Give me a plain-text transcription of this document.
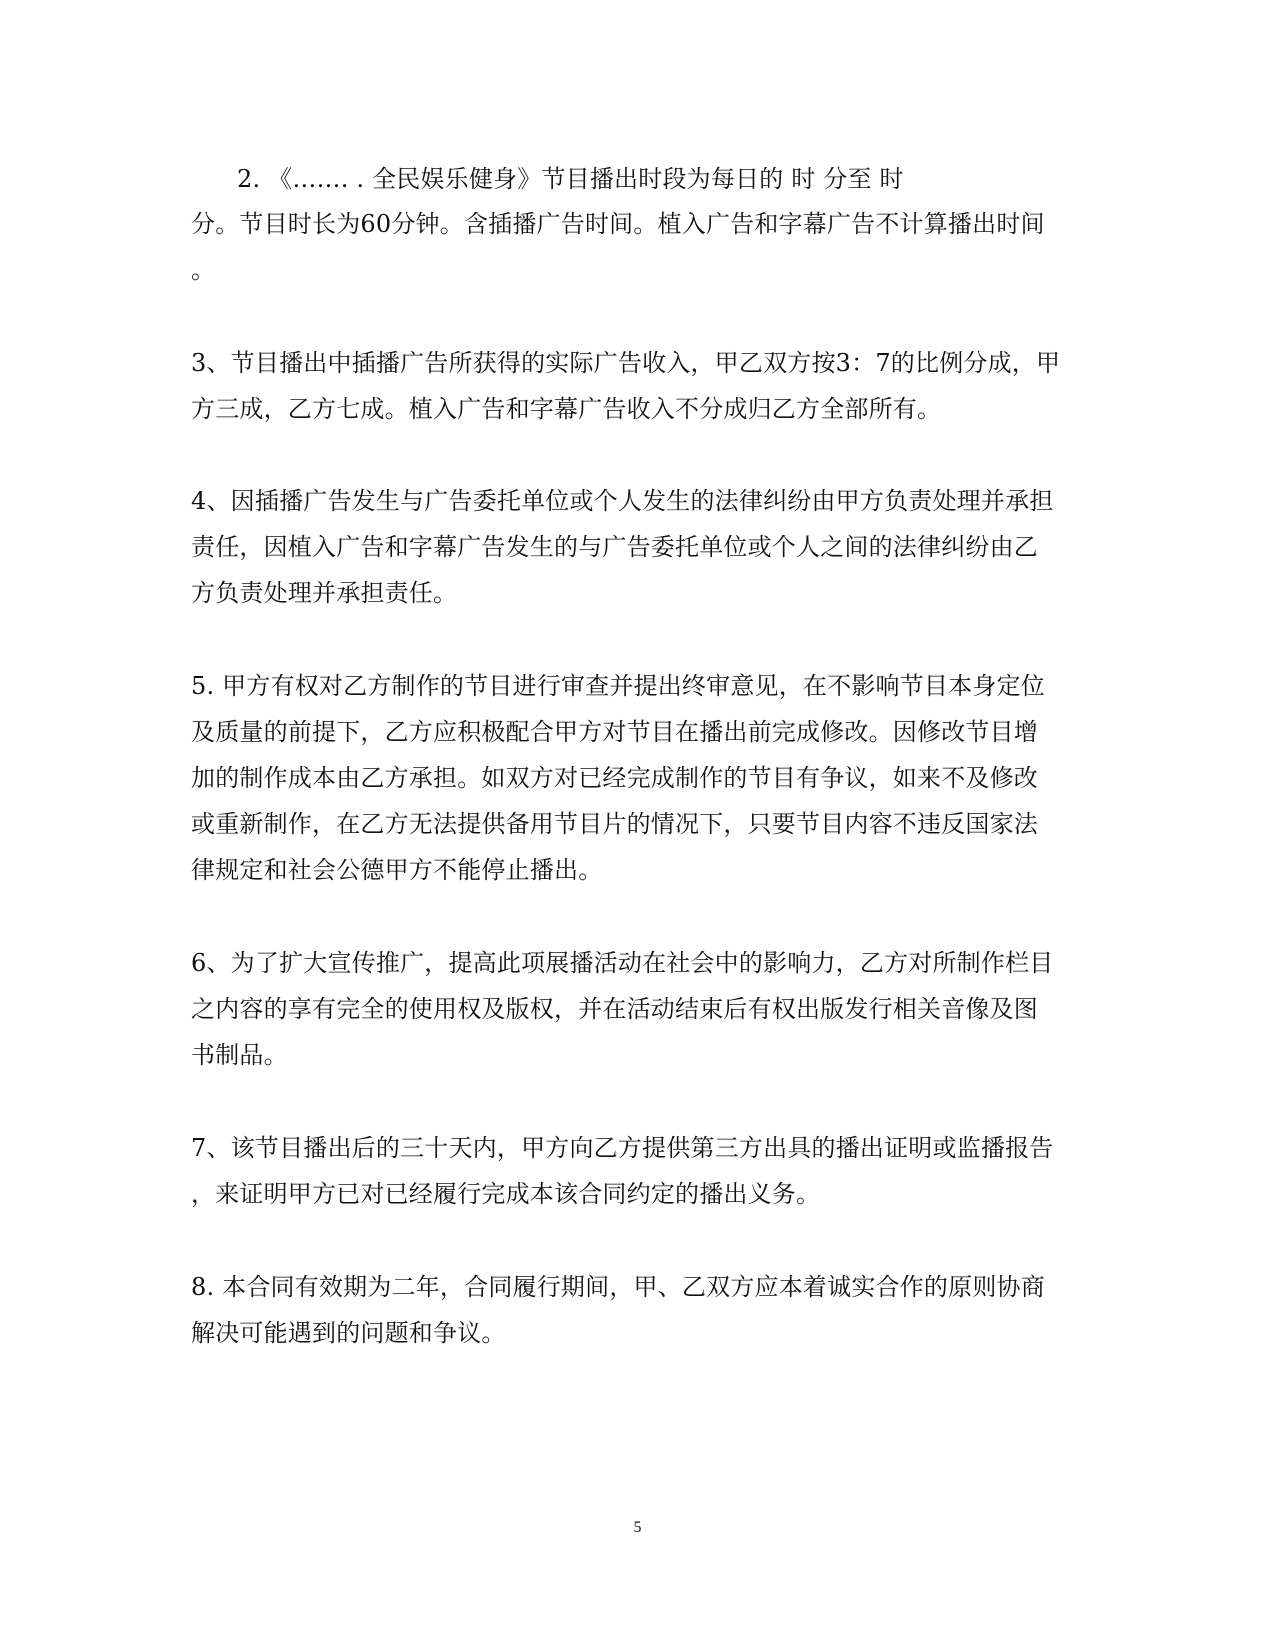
2. 《……. . 全民娱乐健身》节目播出时段为每日的 时 分至 时
分。节目时长为60分钟。含插播广告时间。植入广告和字幕广告不计算播出时间
。
3、节目播出中插播广告所获得的实际广告收入，甲乙双方按3：7的比例分成，甲
方三成，乙方七成。植入广告和字幕广告收入不分成归乙方全部所有。
4、因插播广告发生与广告委托单位或个人发生的法律纠纷由甲方负责处理并承担
责任，因植入广告和字幕广告发生的与广告委托单位或个人之间的法律纠纷由乙
方负责处理并承担责任。
5. 甲方有权对乙方制作的节目进行审查并提出终审意见，在不影响节目本身定位
及质量的前提下，乙方应积极配合甲方对节目在播出前完成修改。因修改节目增
加的制作成本由乙方承担。如双方对已经完成制作的节目有争议，如来不及修改
或重新制作，在乙方无法提供备用节目片的情况下，只要节目内容不违反国家法
律规定和社会公德甲方不能停止播出。
6、为了扩大宣传推广，提高此项展播活动在社会中的影响力，乙方对所制作栏目
之内容的享有完全的使用权及版权，并在活动结束后有权出版发行相关音像及图
书制品。
7、该节目播出后的三十天内，甲方向乙方提供第三方出具的播出证明或监播报告
，来证明甲方已对已经履行完成本该合同约定的播出义务。
8. 本合同有效期为二年，合同履行期间，甲、乙双方应本着诚实合作的原则协商
解决可能遇到的问题和争议。
5
